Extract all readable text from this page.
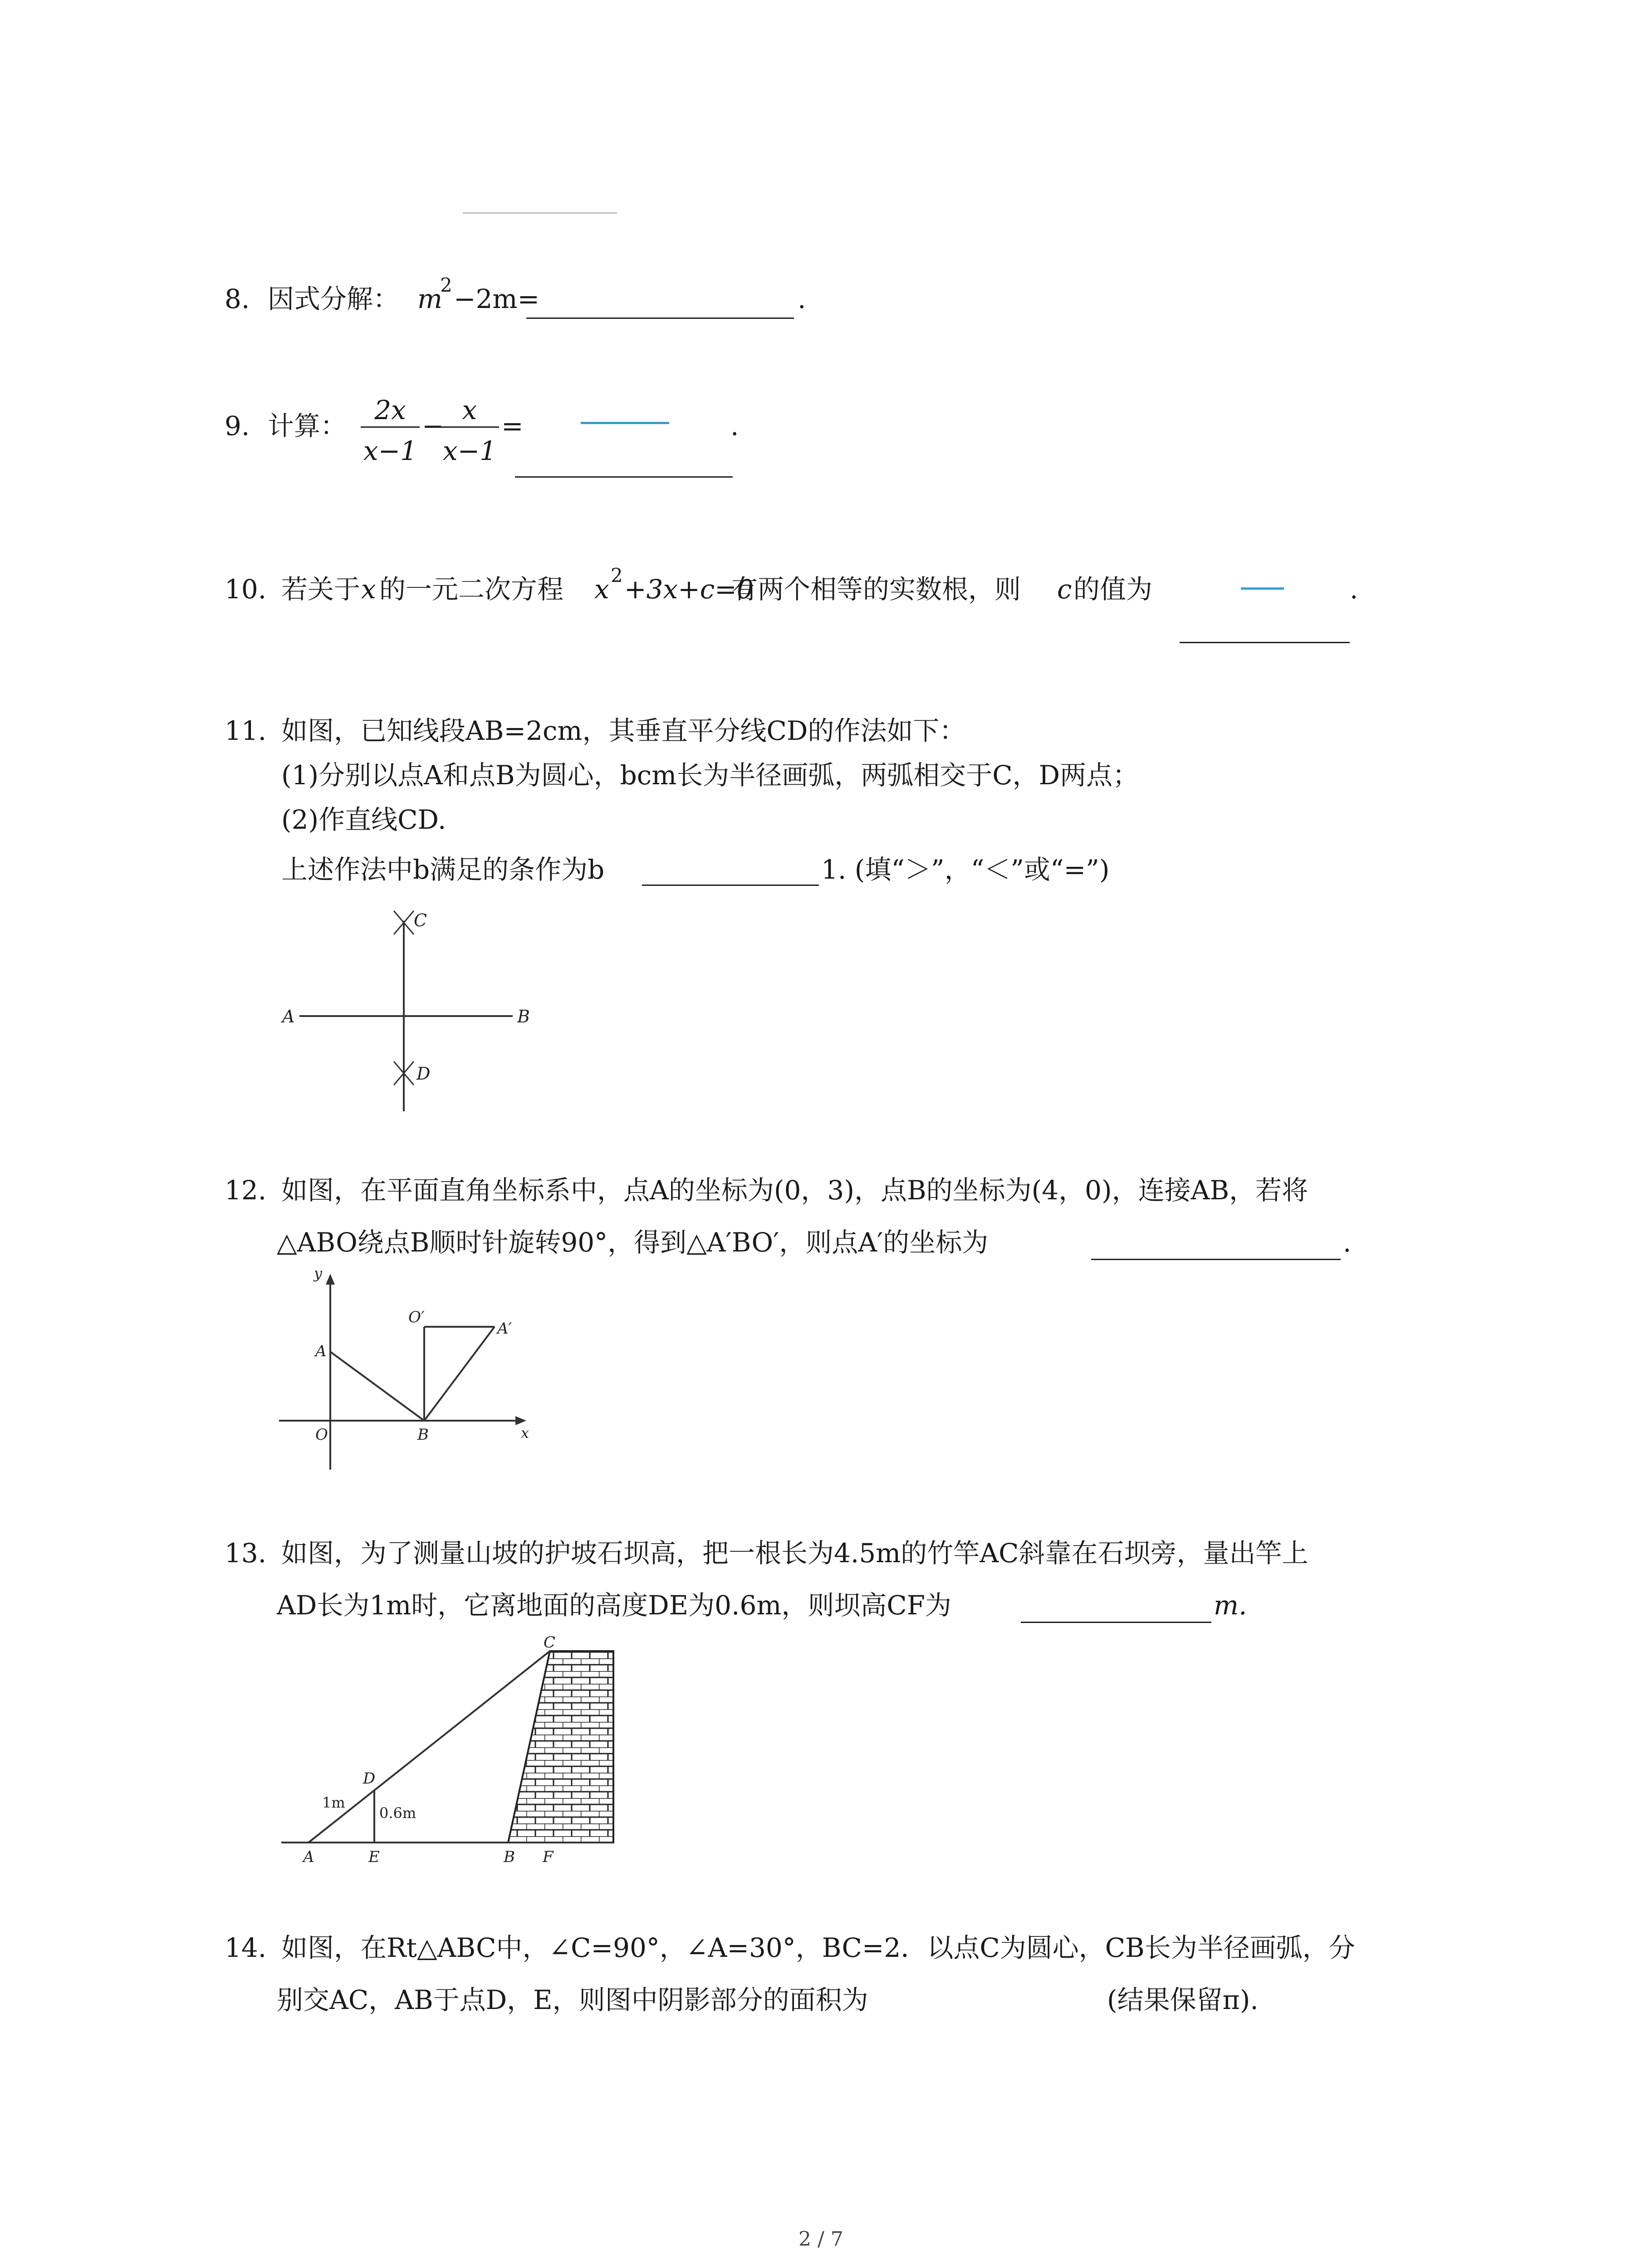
8. 因式分解： m
2 −2m=	.
9. 计算：
2x
x−1
−
x
x−1
=	.
10. 若关于 x 的一元二次方程 x 2 +3x+c=0
有两个相等的实数根，则 c 的值为	.
11. 如图，已知线段AB=2cm，其垂直平分线CD的作法如下：
(1)分别以点A和点B为圆心，bcm长为半径画弧，两弧相交于C，D两点；
(2)作直线CD.
上述作法中b满足的条作为b	1. (填“＞”，“＜”或“=”)
A	B
C
D
12. 如图，在平面直角坐标系中，点A的坐标为(0，3)，点B的坐标为(4，0)，连接AB，若将
△ABO绕点B顺时针旋转90°，得到△A′BO′，则点A′的坐标为	.
y
x
A
O	B
O′
A′
13. 如图，为了测量山坡的护坡石坝高，把一根长为4.5m的竹竿AC斜靠在石坝旁，量出竿上
AD长为1m时，它离地面的高度DE为0.6m，则坝高CF为	m.
C
D
A	E	B F
1m
0.6m
14. 如图，在Rt△ABC中，∠C=90°，∠A=30°，BC=2．以点C为圆心，CB长为半径画弧，分
别交AC，AB于点D，E，则图中阴影部分的面积为	(结果保留π).
2 / 7
